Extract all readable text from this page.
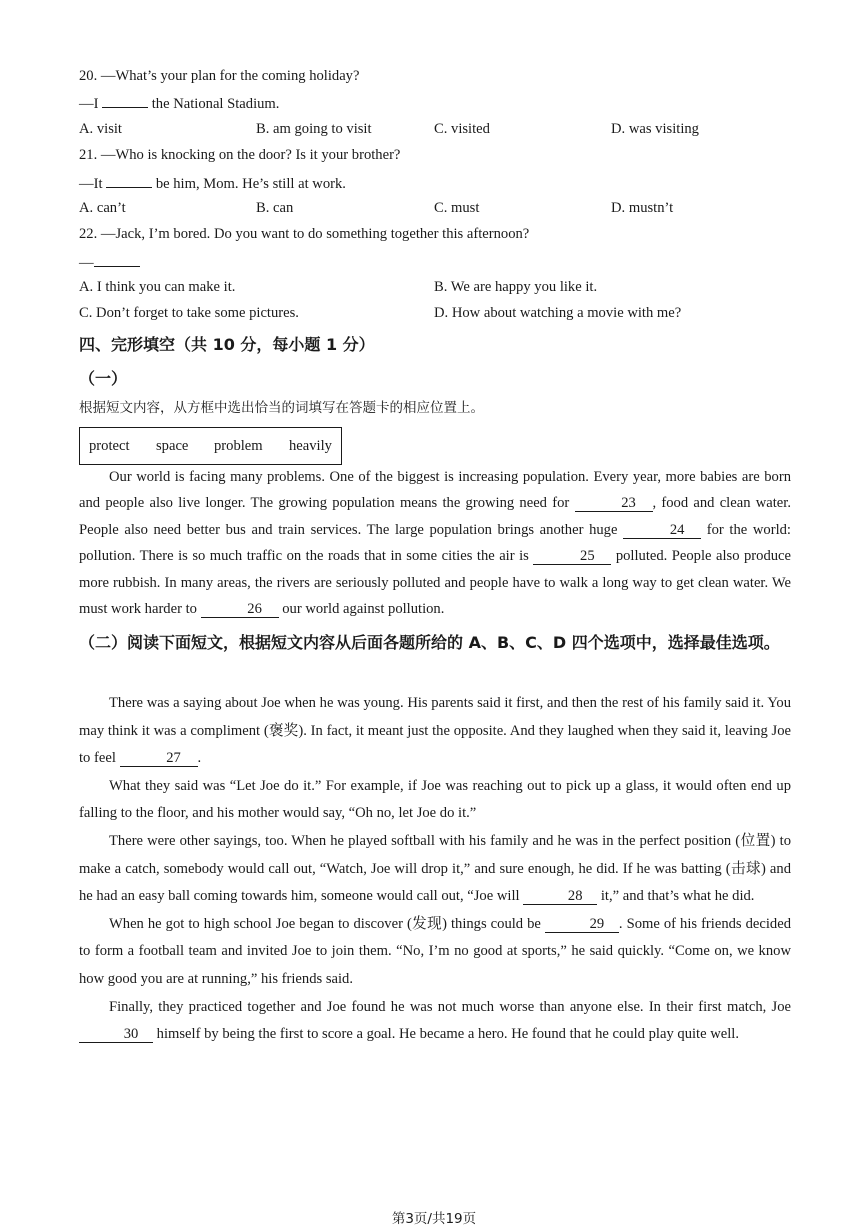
20. —What’s your plan for the coming holiday?
—I	the National Stadium.
A. visit	B. am going to visit	C. visited	D. was visiting
21. —Who is knocking on the door? Is it your brother?
—It	be him, Mom. He’s still at work.
A. can’t	B. can	C. must	D. mustn’t
22. —Jack, I’m bored. Do you want to do something together this afternoon?
—
A. I think you can make it.	B. We are happy you like it.
C. Don’t forget to take some pictures.	D. How about watching a movie with me?
四、完形填空（共 10 分，每小题 1 分）
（一）
根据短文内容，从方框中选出恰当的词填写在答题卡的相应位置上。
protect space problem heavily

Our world is facing many problems. One of the biggest is increasing population. Every year, more babies are born and people also live longer. The growing population means the growing need for	23 , food and clean water. People also need better bus and train services. The large population brings another huge	24 for the world: pollution. There is so much traffic on the roads that in some cities the air is	25 polluted. People also produce more rubbish. In many areas, the rivers are seriously polluted and people have to walk a long way to get clean water. We must work harder to	26 our world against pollution.

（二）阅读下面短文，根据短文内容从后面各题所给的 A、B、C、D 四个选项中，选择最佳选项。

There was a saying about Joe when he was young. His parents said it first, and then the rest of his family said it. You may think it was a compliment (褒奖). In fact, it meant just the opposite. And they laughed when they said it, leaving Joe to feel	27 .

What they said was “Let Joe do it.” For example, if Joe was reaching out to pick up a glass, it would often end up falling to the floor, and his mother would say, “Oh no, let Joe do it.”

There were other sayings, too. When he played softball with his family and he was in the perfect position (位置) to make a catch, somebody would call out, “Watch, Joe will drop it,” and sure enough, he did. If he was batting (击球) and he had an easy ball coming towards him, someone would call out, “Joe will	28 it,” and that’s what he did.

When he got to high school Joe began to discover (发现) things could be	29 . Some of his friends decided to form a football team and invited Joe to join them. “No, I’m no good at sports,” he said quickly. “Come on, we know how good you are at running,” his friends said.

Finally, they practiced together and Joe found he was not much worse than anyone else. In their first match, Joe 30 himself by being the first to score a goal. He became a hero. He found that he could play quite well.

第3页/共19页
